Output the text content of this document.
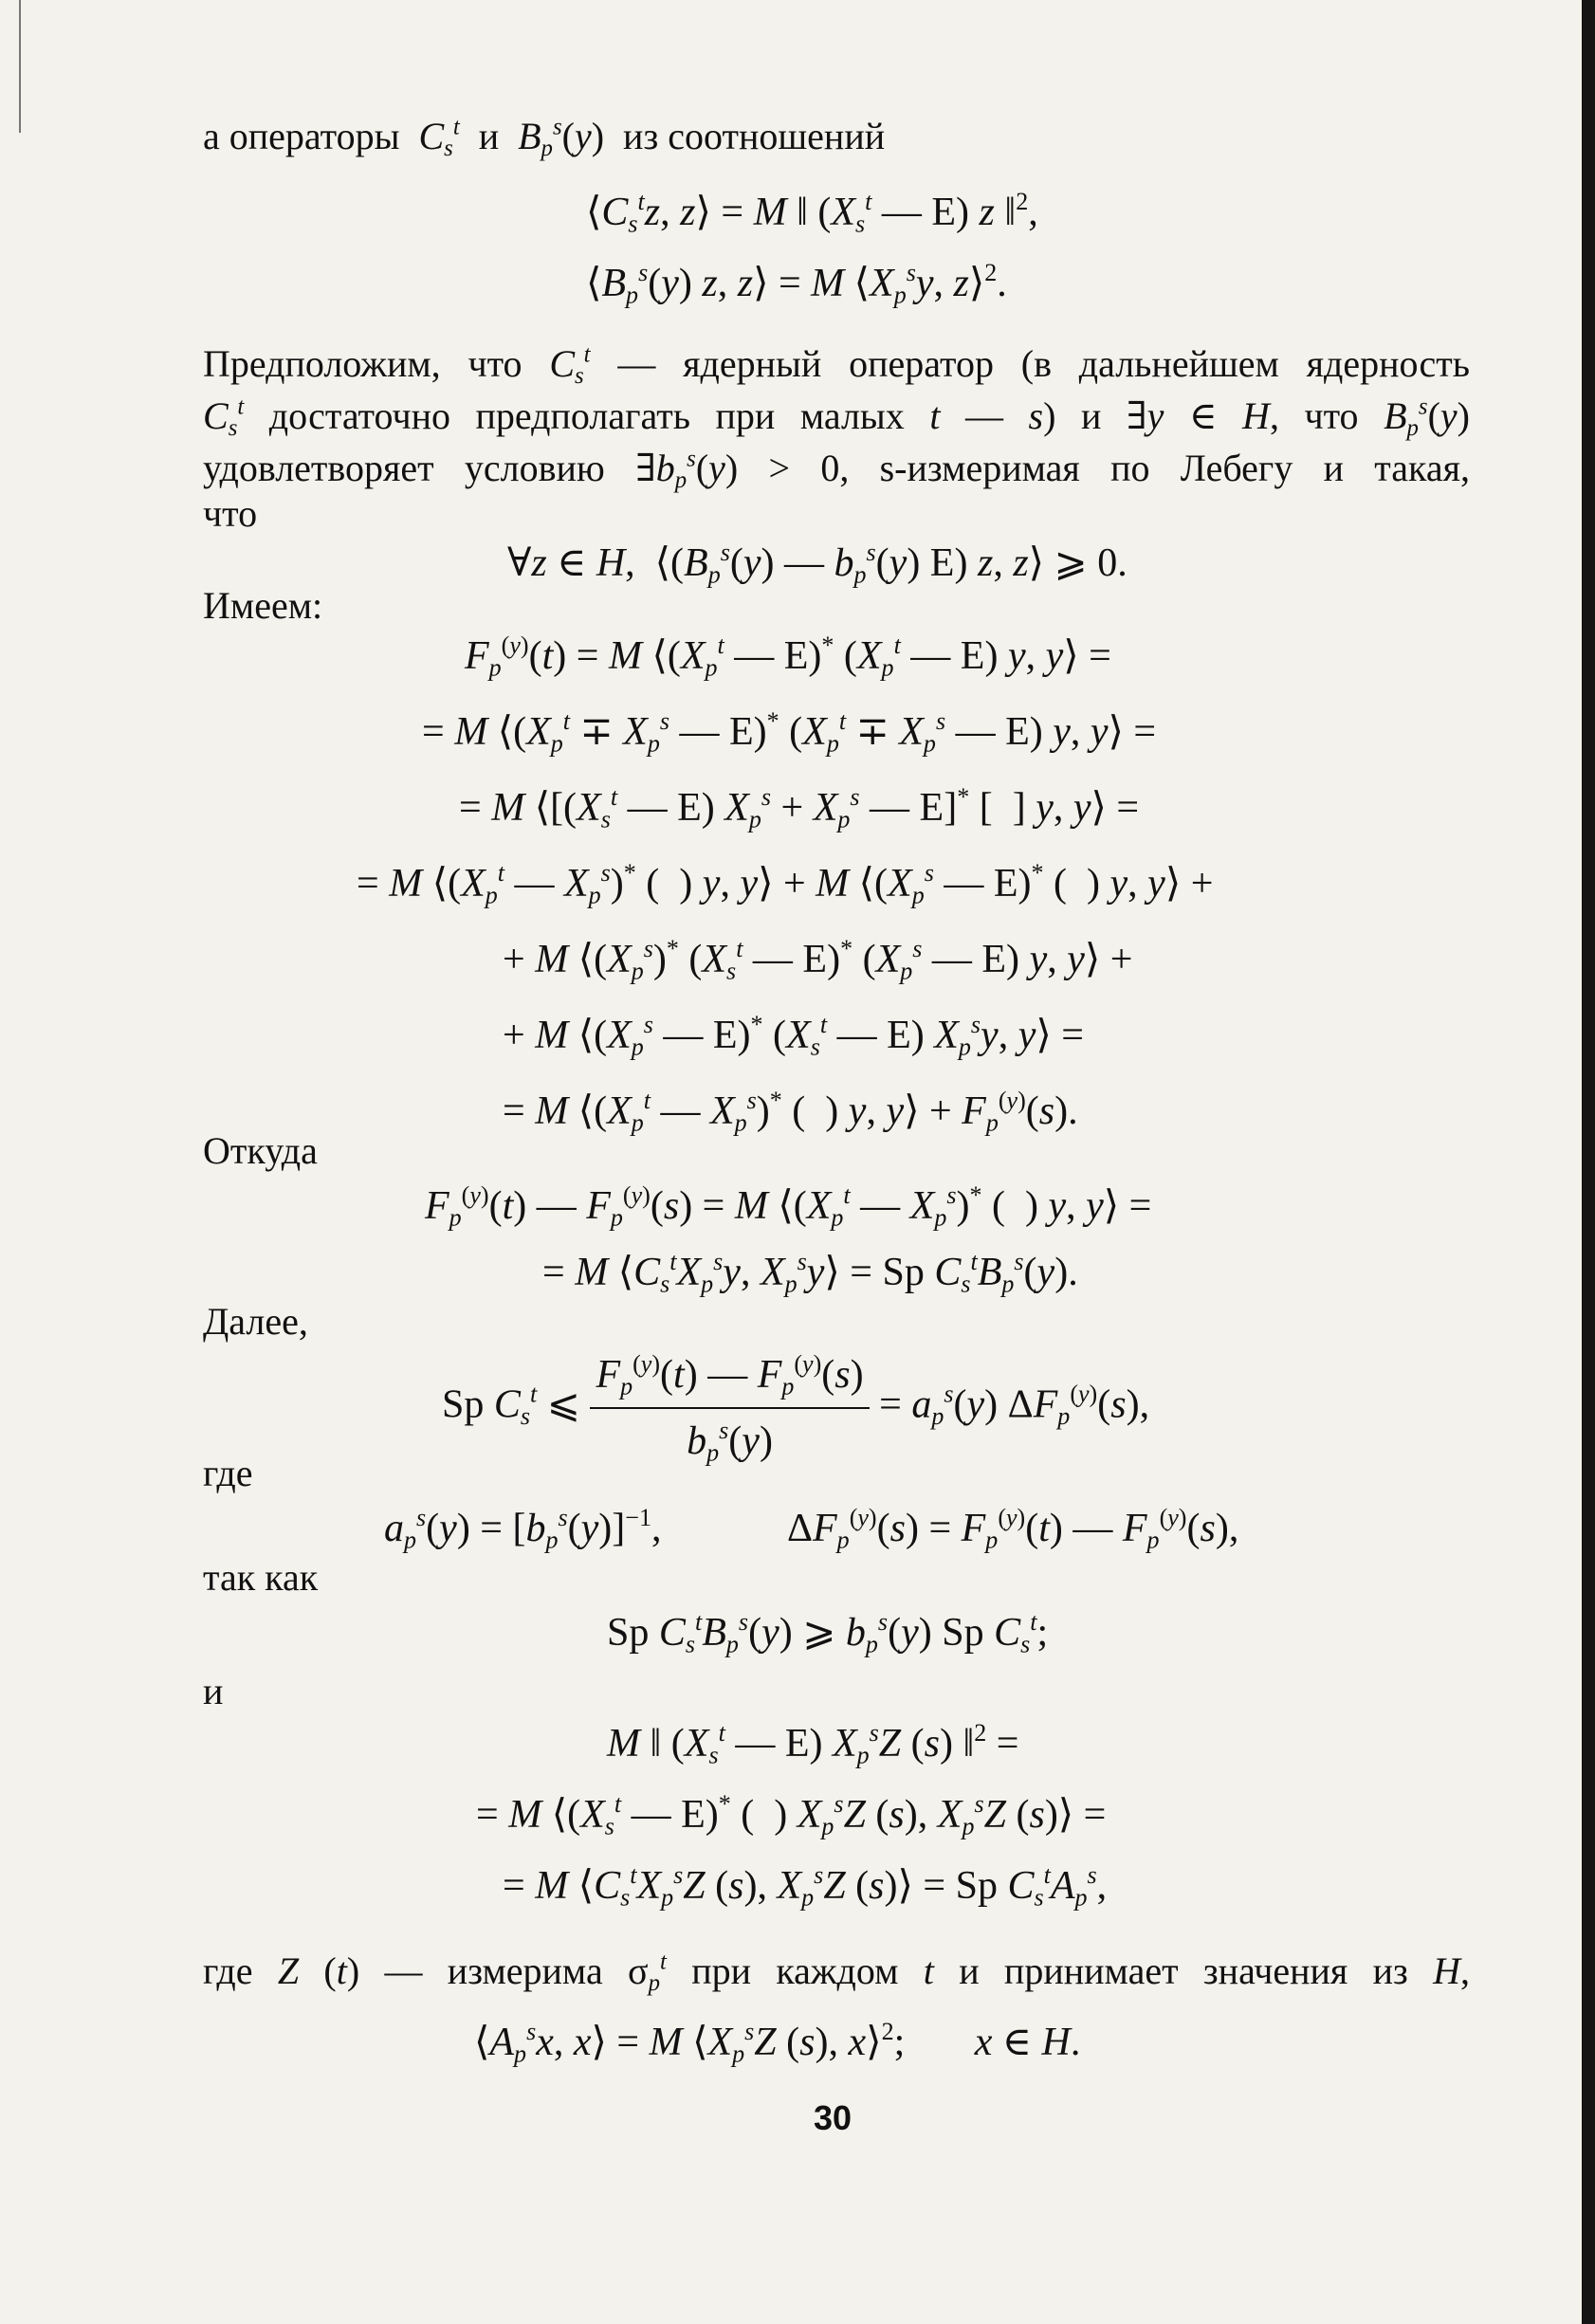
а операторы $C_s^t$ и $B_p^s(y)$  из соотношений
$⟨C_s^tz$, z⟩ = M ‖ ($X_s^t$ — E) z ‖$^2$,
$⟨B_p^s(y)$ z, z⟩ = M $⟨X_p^sy$, z⟩$^2$.
Предположим, что $C_s^t$ — ядерный оператор (в дальнейшем ядерность
$C_s^t$ достаточно предполагать при малых t — s) и ∃y ∈ H, что $B_p^s(y)$
удовлетворяет условию $\exists b_p^s(y) > 0$, s-измеримая по Лебегу и такая,
что
∀z ∈ H,  $⟨(B_p^s(y)$ — $b_p^s(y)$ E) z, z⟩ ⩾ 0.
Имеем:
$F_p^{(y)}(t) = M$ $⟨(X_p^t$ — E)* ($X_p^t$ — E) y, y⟩ =
= M $⟨(X_p^t \mp X_p^s$ — E)* ($X_p^t \mp X_p^s$ — E) y, y⟩ =
= M $⟨[(X_s^t$ — E) $X_p^s + X_p^s$ — E]* [  ] y, y⟩ =
= M $⟨(X_p^t$ — $X_p^s)^*$ (  ) y, y⟩ + M $⟨(X_p^s$ — E)* (  ) y, y⟩ +
+ M $⟨(X_p^s)^*$ ($X_s^t$ — E)* ($X_p^s$ — E) y, y⟩ +
+ M $⟨(X_p^s$ — E)* ($X_s^t$ — E) $X_p^sy$, y⟩ =
= M $⟨(X_p^t$ — $X_p^s)^*$ (  ) y, y⟩ + $F_p^{(y)}(s)$.
Откуда
$F_p^{(y)}(t)$ — $F_p^{(y)}(s) = M$ $⟨(X_p^t$ — $X_p^s)^*$ (  ) y, y⟩ =
= M $⟨C_s^tX_p^sy$, $X_p^sy⟩ = Sp$ $C_s^tB_p^s(y)$.
Далее,
Sp $C_s^t$ ⩽ $\frac{F_p^{(y)}(t) — F_p^{(y)}(s)}{b_p^s(y)} = a_p^s(y)$ $\Delta F_p^{(y)}(s)$,
где
$a_p^s(y) = [b_p^s(y)]^{-1}$,	$\Delta F_p^{(y)}(s) = F_p^{(y)}(t)$ — $F_p^{(y)}(s)$,
так как
Sp $C_s^tB_p^s(y)$ ⩾ $b_p^s(y)$ Sp $C_s^t$;
и
M ‖ ($X_s^t$ — E) $X_p^sZ$ (s) ‖$^2$ =
= M $⟨(X_s^t$ — E)* (  ) $X_p^sZ$ (s), $X_p^sZ$ (s)⟩ =
= M $⟨C_s^tX_p^sZ$ (s), $X_p^sZ$ (s)⟩ = Sp $C_s^tA_p^s$,
где Z (t) — измерима $\sigma_p^t$ при каждом t и принимает значения из H,
$⟨A_p^sx$, x⟩ = M $⟨X_p^sZ$ (s), x⟩$^2$;       x ∈ H.
30
